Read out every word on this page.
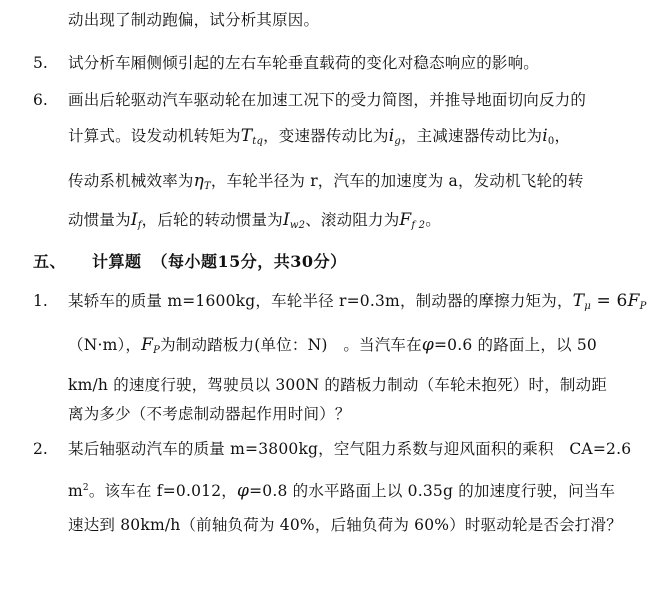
动出现了制动跑偏，试分析其原因。
5. 试分析车厢侧倾引起的左右车轮垂直载荷的变化对稳态响应的影响。
6. 画出后轮驱动汽车驱动轮在加速工况下的受力简图，并推导地面切向反力的
计算式。设发动机转矩为$T_{tq}$，变速器传动比为$i_g$，主减速器传动比为$i_0$，
传动系机械效率为$\eta_T$，车轮半径为 r，汽车的加速度为 a，发动机飞轮的转
动惯量为$I_f$，后轮的转动惯量为$I_{w2}$、滚动阻力为$F_{f 2}$。
五、 计算题 （每小题15分，共30分）
1. 某轿车的质量 m=1600kg，车轮半径 r=0.3m，制动器的摩擦力矩为，$T_\mu = 6F_P$
（N·m），$F_P$为制动踏板力(单位：N)　。当汽车在φ=0.6 的路面上，以 50
km/h 的速度行驶，驾驶员以 300N 的踏板力制动（车轮未抱死）时，制动距
离为多少（不考虑制动器起作用时间）？
2. 某后轴驱动汽车的质量 m=3800kg，空气阻力系数与迎风面积的乘积　CA=2.6
$m^2$。该车在 f=0.012，φ=0.8 的水平路面上以 0.35g 的加速度行驶，问当车
速达到 80km/h（前轴负荷为 40%，后轴负荷为 60%）时驱动轮是否会打滑？
